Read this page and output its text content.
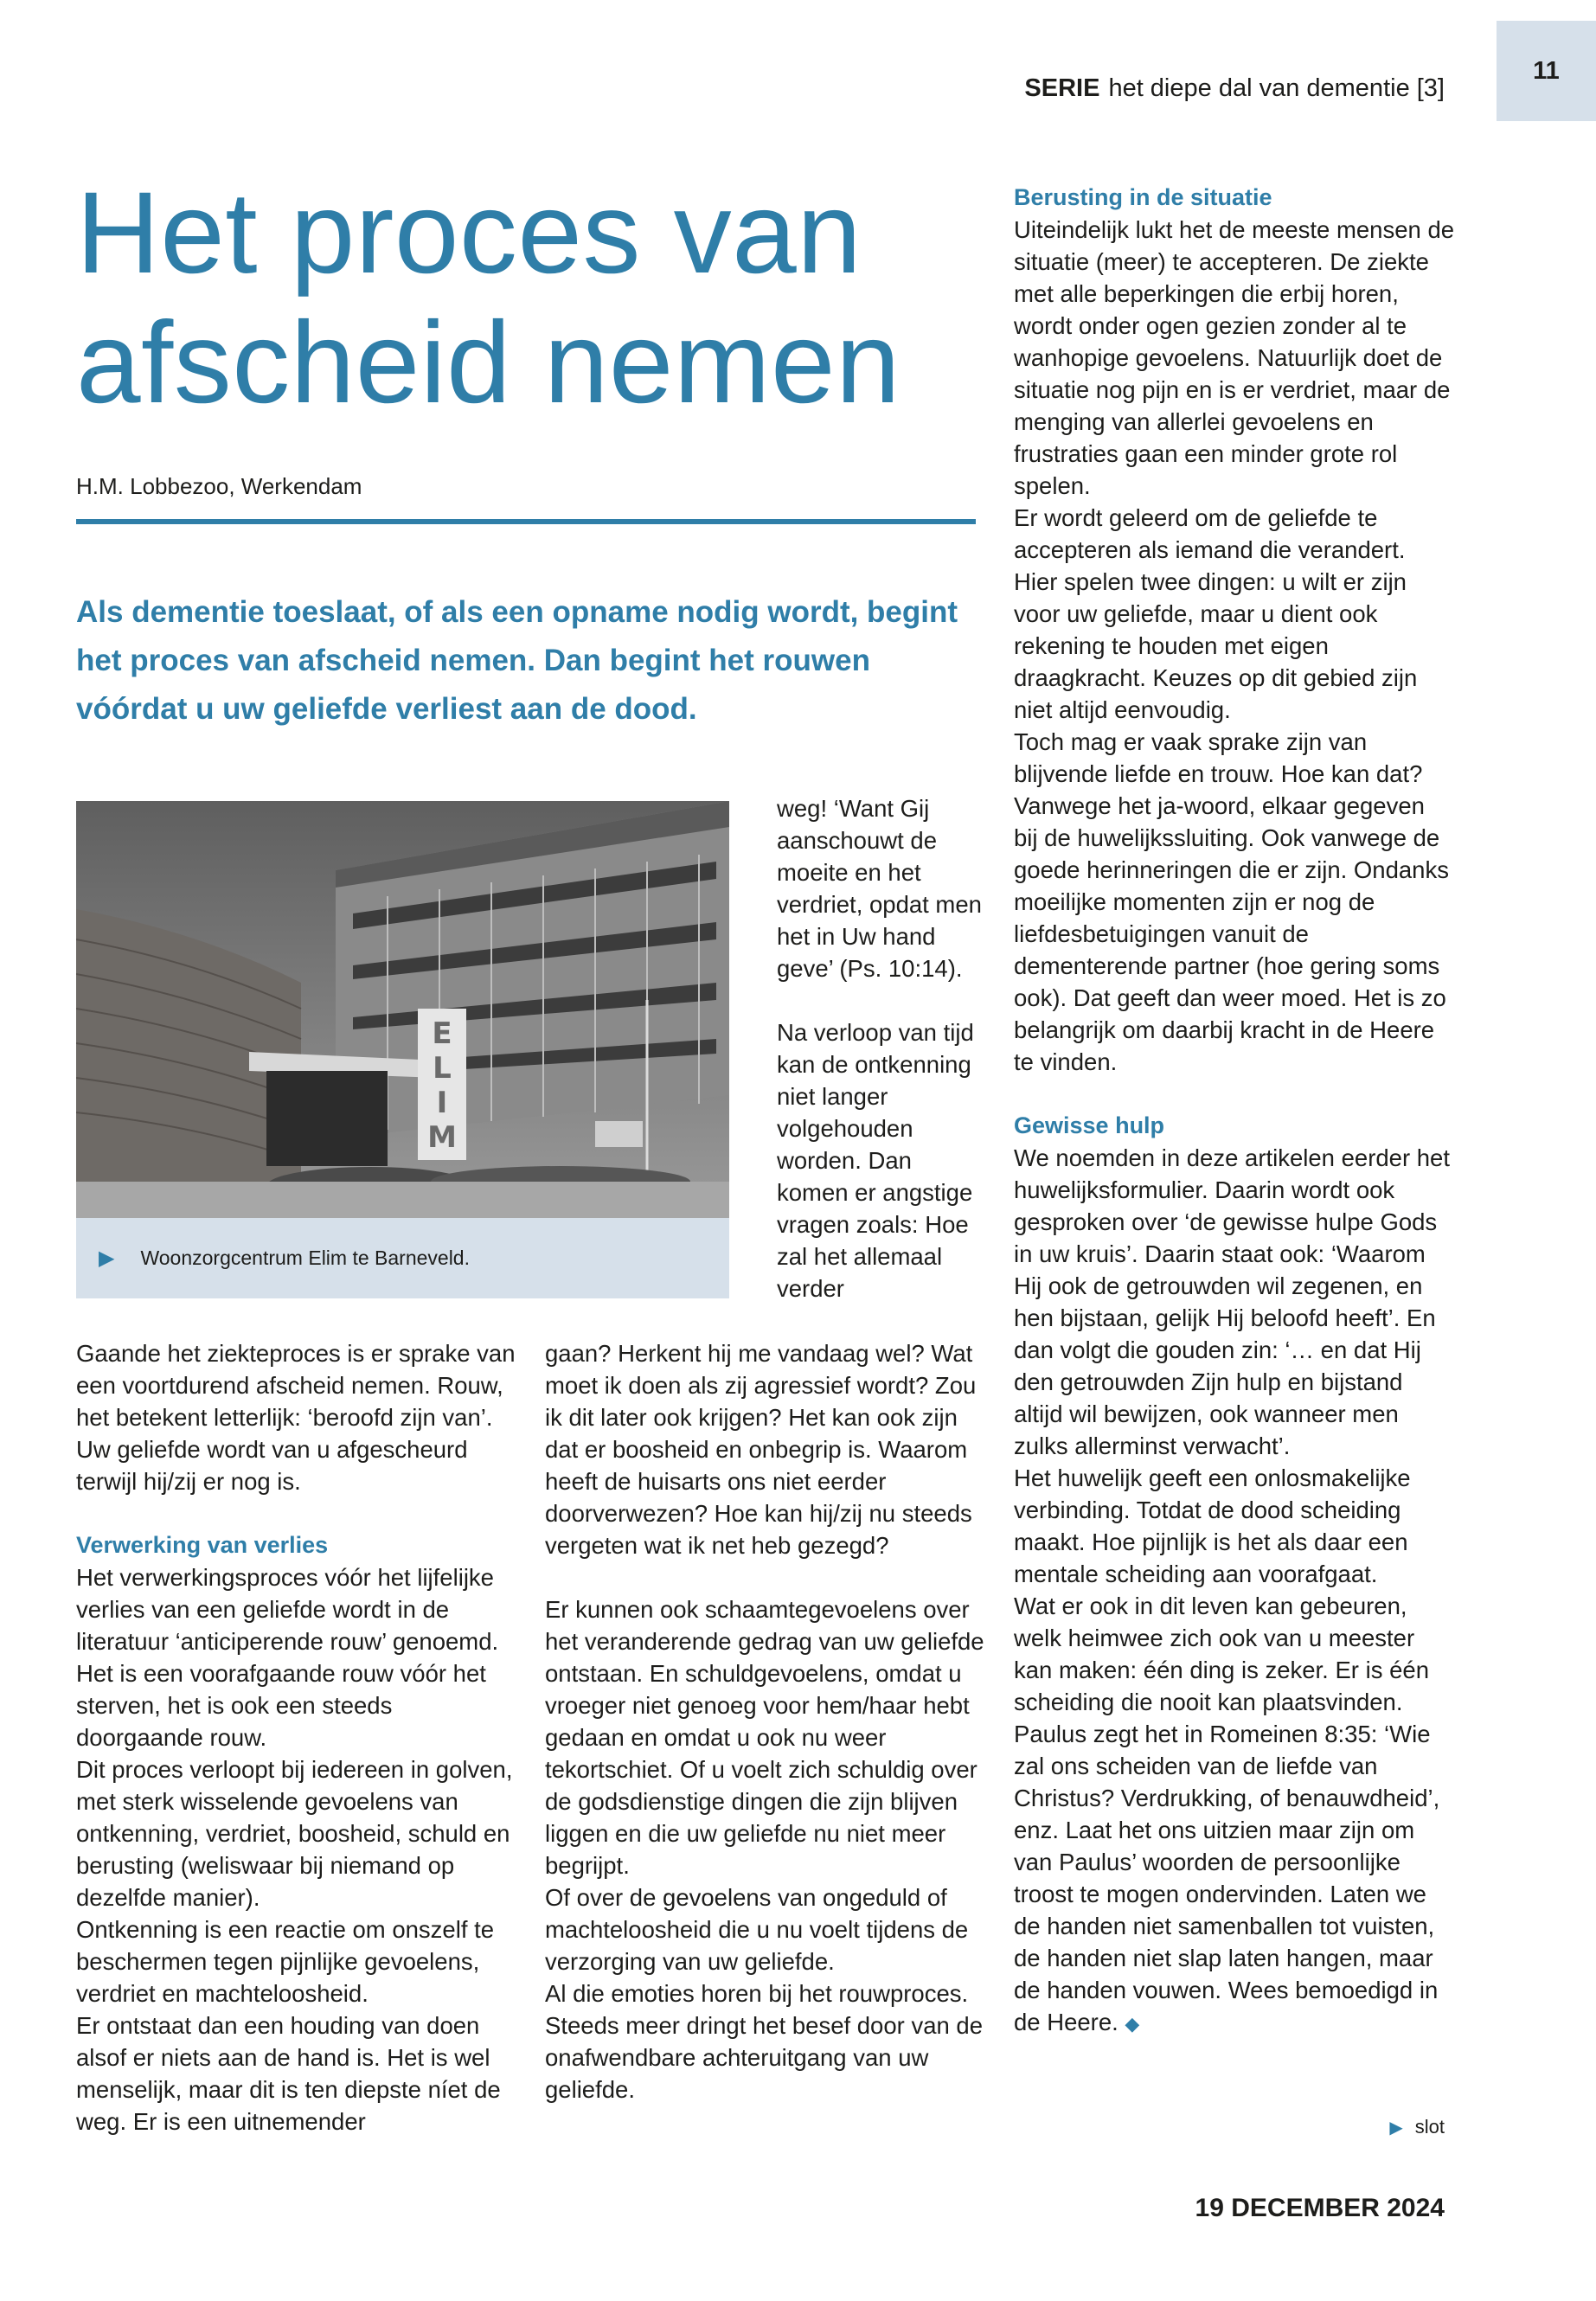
SERIE het diepe dal van dementie [3]
11
Het proces van afscheid nemen
H.M. Lobbezoo, Werkendam
Als dementie toeslaat, of als een opname nodig wordt, begint het proces van afscheid nemen. Dan begint het rouwen vóórdat u uw geliefde verliest aan de dood.
E
L
I
M
▶ Woonzorgcentrum Elim te Barneveld.

Gaande het ziekteproces is er sprake van een voortdurend afscheid nemen. Rouw, het betekent letterlijk: ‘beroofd zijn van’. Uw geliefde wordt van u afgescheurd terwijl hij/zij er nog is.

Verwerking van verlies

Het verwerkingsproces vóór het lijfelijke verlies van een geliefde wordt in de literatuur ‘anticiperende rouw’ genoemd. Het is een voorafgaande rouw vóór het sterven, het is ook een steeds doorgaande rouw.

Dit proces verloopt bij iedereen in golven, met sterk wisselende gevoelens van ontkenning, verdriet, boosheid, schuld en berusting (weliswaar bij niemand op dezelfde manier).

Ontkenning is een reactie om onszelf te beschermen tegen pijnlijke gevoelens, verdriet en machteloosheid.

Er ontstaat dan een houding van doen alsof er niets aan de hand is. Het is wel menselijk, maar dit is ten diepste níet de weg. Er is een uitnemender

weg! ‘Want Gij aanschouwt de moeite en het verdriet, opdat men het in Uw hand geve’ (Ps. 10:14).

Na verloop van tijd kan de ontkenning niet langer volgehouden worden. Dan komen er angstige vragen zoals: Hoe zal het allemaal verder

gaan? Herkent hij me vandaag wel? Wat moet ik doen als zij agressief wordt? Zou ik dit later ook krijgen? Het kan ook zijn dat er boosheid en onbegrip is. Waarom heeft de huisarts ons niet eerder doorverwezen? Hoe kan hij/zij nu steeds vergeten wat ik net heb gezegd?

Er kunnen ook schaamtegevoelens over het veranderende gedrag van uw geliefde ontstaan. En schuldgevoelens, omdat u vroeger niet genoeg voor hem/haar hebt gedaan en omdat u ook nu weer tekortschiet. Of u voelt zich schuldig over de godsdienstige dingen die zijn blijven liggen en die uw geliefde nu niet meer begrijpt.

Of over de gevoelens van ongeduld of machteloosheid die u nu voelt tijdens de verzorging van uw geliefde.

Al die emoties horen bij het rouwproces. Steeds meer dringt het besef door van de onafwendbare achteruitgang van uw geliefde.

Berusting in de situatie

Uiteindelijk lukt het de meeste mensen de situatie (meer) te accepteren. De ziekte met alle beperkingen die erbij horen, wordt onder ogen gezien zonder al te wanhopige gevoelens. Natuurlijk doet de situatie nog pijn en is er verdriet, maar de menging van allerlei gevoelens en frustraties gaan een minder grote rol spelen.

Er wordt geleerd om de geliefde te accepteren als iemand die verandert. Hier spelen twee dingen: u wilt er zijn voor uw geliefde, maar u dient ook rekening te houden met eigen draagkracht. Keuzes op dit gebied zijn niet altijd eenvoudig.

Toch mag er vaak sprake zijn van blijvende liefde en trouw. Hoe kan dat? Vanwege het ja-woord, elkaar gegeven bij de huwelijkssluiting. Ook vanwege de goede herinneringen die er zijn. Ondanks moeilijke momenten zijn er nog de liefdesbetuigingen vanuit de dementerende partner (hoe gering soms ook). Dat geeft dan weer moed. Het is zo belangrijk om daarbij kracht in de Heere te vinden.

Gewisse hulp

We noemden in deze artikelen eerder het huwelijksformulier. Daarin wordt ook gesproken over ‘de gewisse hulpe Gods in uw kruis’. Daarin staat ook: ‘Waarom Hij ook de getrouwden wil zegenen, en hen bijstaan, gelijk Hij beloofd heeft’. En dan volgt die gouden zin: ‘… en dat Hij den getrouwden Zijn hulp en bijstand altijd wil bewijzen, ook wanneer men zulks allerminst verwacht’.

Het huwelijk geeft een onlosmakelijke verbinding. Totdat de dood scheiding maakt. Hoe pijnlijk is het als daar een mentale scheiding aan voorafgaat.

Wat er ook in dit leven kan gebeuren, welk heimwee zich ook van u meester kan maken: één ding is zeker. Er is één scheiding die nooit kan plaatsvinden. Paulus zegt het in Romeinen 8:35: ‘Wie zal ons scheiden van de liefde van Christus? Verdrukking, of benauwdheid’, enz. Laat het ons uitzien maar zijn om van Paulus’ woorden de persoonlijke troost te mogen ondervinden. Laten we de handen niet samenballen tot vuisten, de handen niet slap laten hangen, maar de handen vouwen. Wees bemoedigd in de Heere. ◆

▶ slot
19 DECEMBER 2024
